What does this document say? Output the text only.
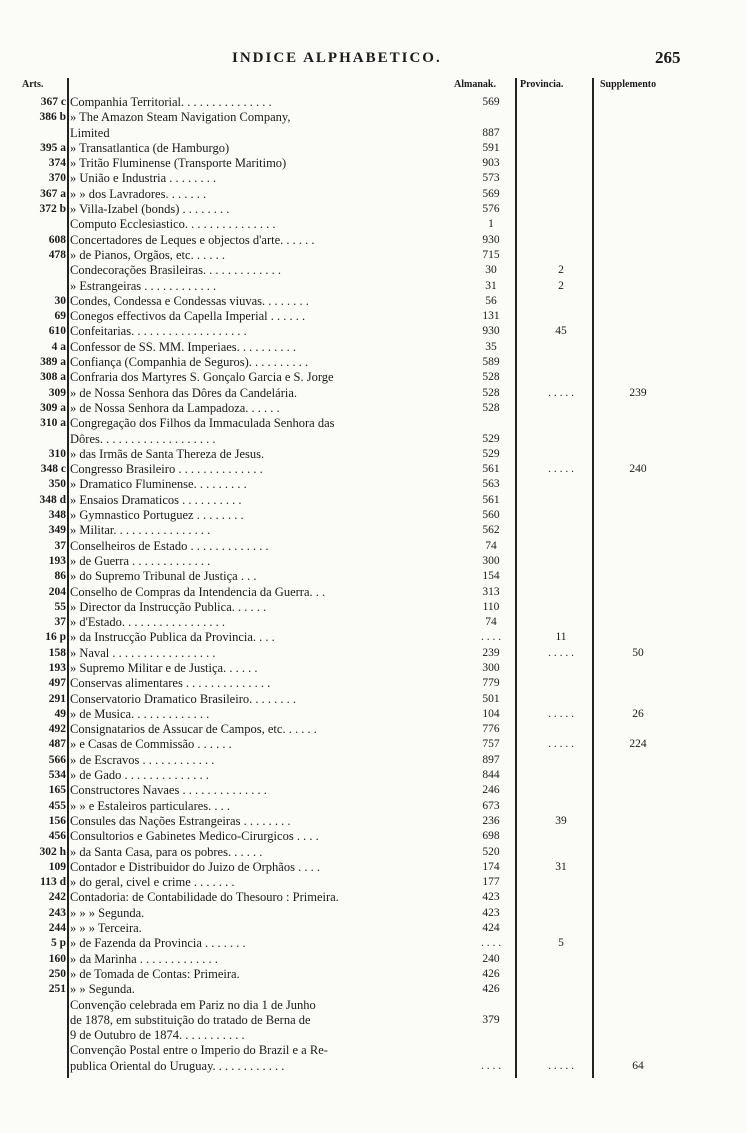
INDICE ALPHABETICO.	265
Arts.	Almanak. Provincia.	Supplemento
367 c Companhia Territorial. . . . . . . . . . . . . . .	569
386 b » The Amazon Steam Navigation Company,
Limited	887
395 a » Transatlantica (de Hamburgo)	591
374 » Tritão Fluminense (Transporte Maritimo)	903
370 » União e Industria . . . . . . . .	573
367 a » » dos Lavradores. . . . . . .	569
372 b » Villa-Izabel (bonds) . . . . . . . .	576
Computo Ecclesiastico. . . . . . . . . . . . . . .	1
608 Concertadores de Leques e objectos d'arte. . . . . .	930
478 » de Pianos, Orgãos, etc. . . . . .	715
Condecorações Brasileiras. . . . . . . . . . . . .	30	2
» Estrangeiras . . . . . . . . . . . .	31	2
30 Condes, Condessa e Condessas viuvas. . . . . . . .	56
69 Conegos effectivos da Capella Imperial . . . . . .	131
610 Confeitarias. . . . . . . . . . . . . . . . . . .	930	45
4 a Confessor de SS. MM. Imperiaes. . . . . . . . . .	35
389 a Confiança (Companhia de Seguros). . . . . . . . . .	589
308 a Confraria dos Martyres S. Gonçalo Garcia e S. Jorge	528
309 » de Nossa Senhora das Dôres da Candelária.	528	. . . . .	239
309 a » de Nossa Senhora da Lampadoza. . . . . .	528
310 a Congregação dos Filhos da Immaculada Senhora das
Dôres. . . . . . . . . . . . . . . . . . .	529
310 » das Irmãs de Santa Thereza de Jesus.	529
348 c Congresso Brasileiro . . . . . . . . . . . . . .	561	. . . . .	240
350 » Dramatico Fluminense. . . . . . . . .	563
348 d » Ensaios Dramaticos . . . . . . . . . .	561
348 » Gymnastico Portuguez . . . . . . . .	560
349 » Militar. . . . . . . . . . . . . . . .	562
37 Conselheiros de Estado . . . . . . . . . . . . .	74
193 » de Guerra . . . . . . . . . . . . .	300
86 » do Supremo Tribunal de Justiça . . .	154
204 Conselho de Compras da Intendencia da Guerra. . .	313
55 » Director da Instrucção Publica. . . . . .	110
37 » d'Estado. . . . . . . . . . . . . . . . .	74
16 p » da Instrucção Publica da Provincia. . . .	. . . .	11
158 » Naval . . . . . . . . . . . . . . . . .	239	. . . . .	50
193 » Supremo Militar e de Justiça. . . . . .	300
497 Conservas alimentares . . . . . . . . . . . . . .	779
291 Conservatorio Dramatico Brasileiro. . . . . . . .	501
49 » de Musica. . . . . . . . . . . . .	104	. . . . .	26
492 Consignatarios de Assucar de Campos, etc. . . . . .	776
487 » e Casas de Commissão . . . . . .	757	. . . . .	224
566 » de Escravos . . . . . . . . . . . .	897
534 » de Gado . . . . . . . . . . . . . .	844
165 Constructores Navaes . . . . . . . . . . . . . .	246
455 » » e Estaleiros particulares. . . .	673
156 Consules das Nações Estrangeiras . . . . . . . .	236	39
456 Consultorios e Gabinetes Medico-Cirurgicos . . . .	698
302 h » da Santa Casa, para os pobres. . . . . .	520
109 Contador e Distribuidor do Juizo de Orphãos . . . .	174	31
113 d » do geral, civel e crime . . . . . . .	177
242 Contadoria: de Contabilidade do Thesouro : Primeira.	423
243 » » » Segunda.	423
244 » » » Terceira.	424
5 p » de Fazenda da Provincia . . . . . . .	. . . .	5
160 » da Marinha . . . . . . . . . . . . .	240
250 » de Tomada de Contas: Primeira.	426
251 » » Segunda.	426
Convenção celebrada em Pariz no dia 1 de Junho
de 1878, em substituição do tratado de Berna de	379
9 de Outubro de 1874. . . . . . . . . . .
Convenção Postal entre o Imperio do Brazil e a Re-
publica Oriental do Uruguay. . . . . . . . . . . .	. . . .	. . . . .	64
